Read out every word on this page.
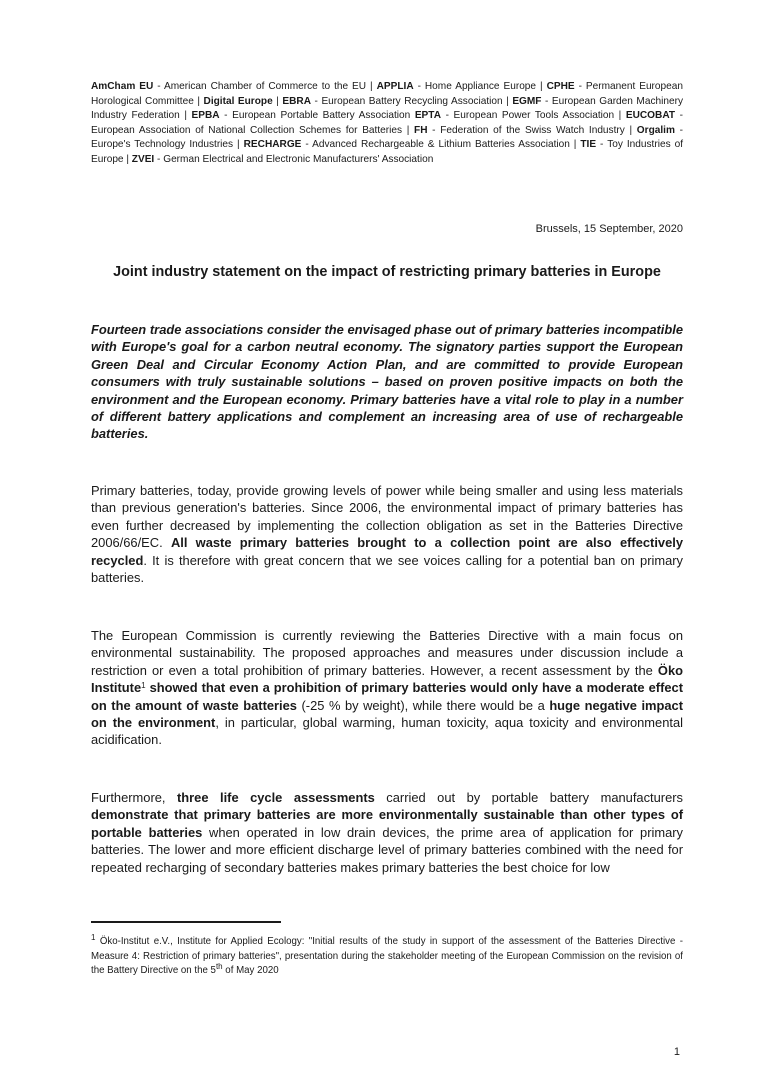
AmCham EU - American Chamber of Commerce to the EU | APPLIA - Home Appliance Europe | CPHE - Permanent European Horological Committee | Digital Europe | EBRA - European Battery Recycling Association | EGMF - European Garden Machinery Industry Federation | EPBA - European Portable Battery Association EPTA - European Power Tools Association | EUCOBAT - European Association of National Collection Schemes for Batteries | FH - Federation of the Swiss Watch Industry | Orgalim - Europe's Technology Industries | RECHARGE - Advanced Rechargeable & Lithium Batteries Association | TIE - Toy Industries of Europe | ZVEI - German Electrical and Electronic Manufacturers' Association
Brussels, 15 September, 2020
Joint industry statement on the impact of restricting primary batteries in Europe
Fourteen trade associations consider the envisaged phase out of primary batteries incompatible with Europe's goal for a carbon neutral economy. The signatory parties support the European Green Deal and Circular Economy Action Plan, and are committed to provide European consumers with truly sustainable solutions – based on proven positive impacts on both the environment and the European economy. Primary batteries have a vital role to play in a number of different battery applications and complement an increasing area of use of rechargeable batteries.
Primary batteries, today, provide growing levels of power while being smaller and using less materials than previous generation's batteries. Since 2006, the environmental impact of primary batteries has even further decreased by implementing the collection obligation as set in the Batteries Directive 2006/66/EC. All waste primary batteries brought to a collection point are also effectively recycled. It is therefore with great concern that we see voices calling for a potential ban on primary batteries.
The European Commission is currently reviewing the Batteries Directive with a main focus on environmental sustainability. The proposed approaches and measures under discussion include a restriction or even a total prohibition of primary batteries. However, a recent assessment by the Öko Institute$^1$ showed that even a prohibition of primary batteries would only have a moderate effect on the amount of waste batteries (-25 % by weight), while there would be a huge negative impact on the environment, in particular, global warming, human toxicity, aqua toxicity and environmental acidification.
Furthermore, three life cycle assessments carried out by portable battery manufacturers demonstrate that primary batteries are more environmentally sustainable than other types of portable batteries when operated in low drain devices, the prime area of application for primary batteries. The lower and more efficient discharge level of primary batteries combined with the need for repeated recharging of secondary batteries makes primary batteries the best choice for low
$^1$ Öko-Institut e.V., Institute for Applied Ecology: "Initial results of the study in support of the assessment of the Batteries Directive - Measure 4: Restriction of primary batteries", presentation during the stakeholder meeting of the European Commission on the revision of the Battery Directive on the 5th of May 2020
1
